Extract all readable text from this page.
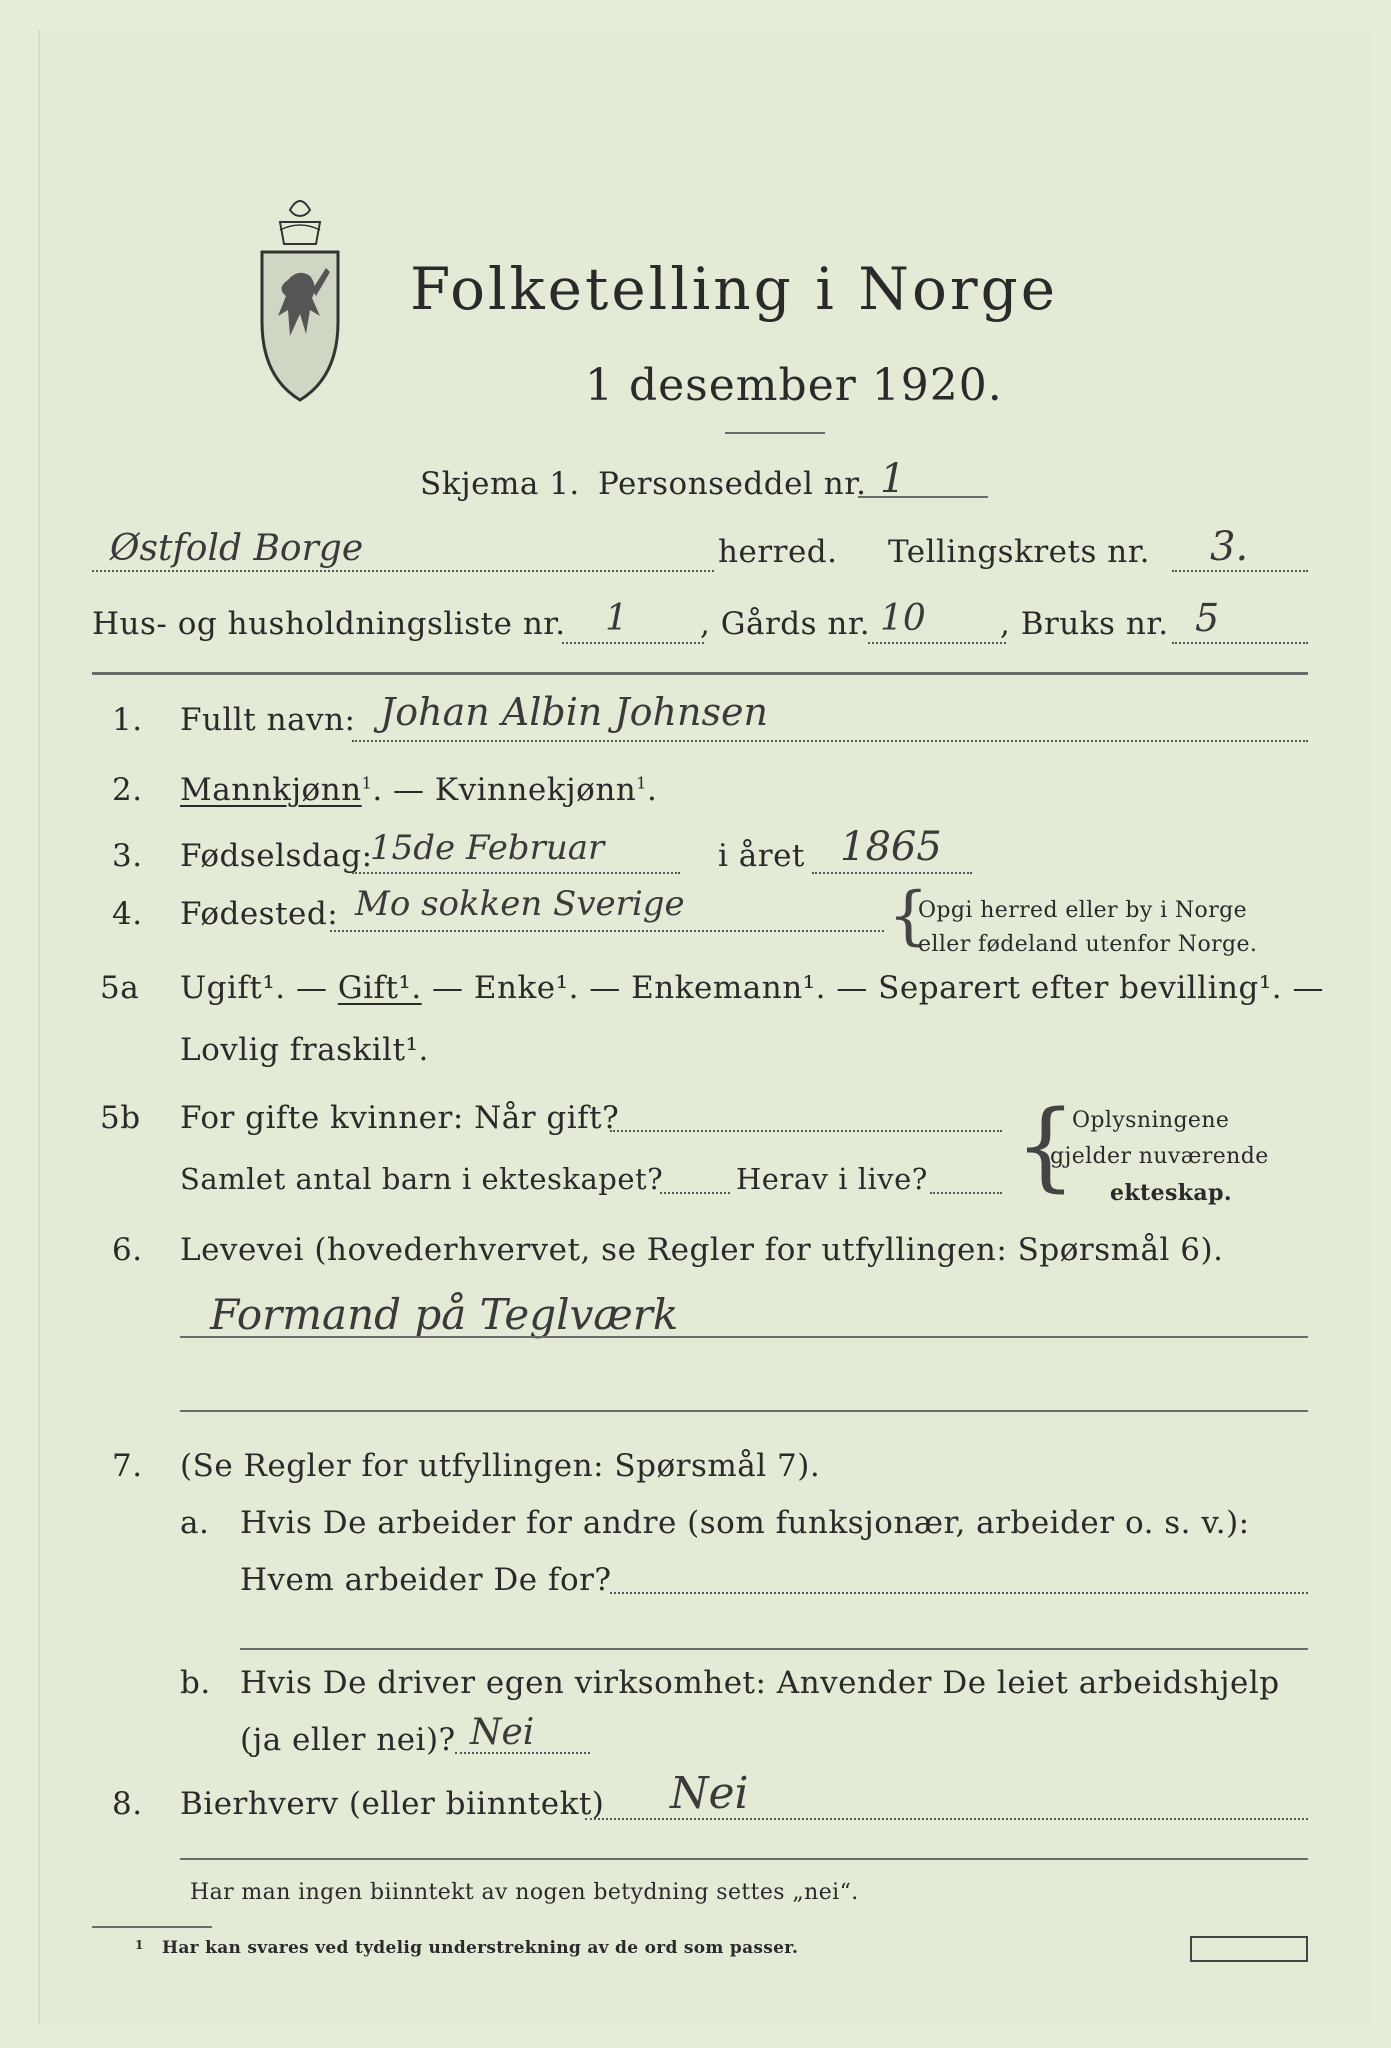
Folketelling i Norge
1 desember 1920.
Skjema 1. Personseddel nr. 1
Østfold Borge	herred. Tellingskrets nr. 3.
Hus- og husholdningsliste nr. 1 , Gårds nr. 10 , Bruks nr. 5
1. Fullt navn: Johan Albin Johnsen
2. Mannkjønn$^1$. — Kvinnekjønn$^1$.
3. Fødselsdag:
15de Februar	i året 1865
4. Fødested: Mo sokken Sverige	{
Opgi herred eller by i Norge
eller fødeland utenfor Norge.
5a Ugift¹. — Gift¹. — Enke¹. — Enkemann¹. — Separert efter bevilling¹. —
Lovlig fraskilt¹.
5b For gifte kvinner: Når gift?
Samlet antal barn i ekteskapet?	Herav i live? {
Oplysningene
gjelder nuværende
ekteskap.
6. Levevei (hovederhvervet, se Regler for utfyllingen: Spørsmål 6).
Formand på Teglværk
7. (Se Regler for utfyllingen: Spørsmål 7).
a. Hvis De arbeider for andre (som funksjonær, arbeider o. s. v.):
Hvem arbeider De for?
b. Hvis De driver egen virksomhet: Anvender De leiet arbeidshjelp
(ja eller nei)? Nei
8. Bierhverv (eller biinntekt) Nei
Har man ingen biinntekt av nogen betydning settes „nei“.
1 Har kan svares ved tydelig understrekning av de ord som passer.
